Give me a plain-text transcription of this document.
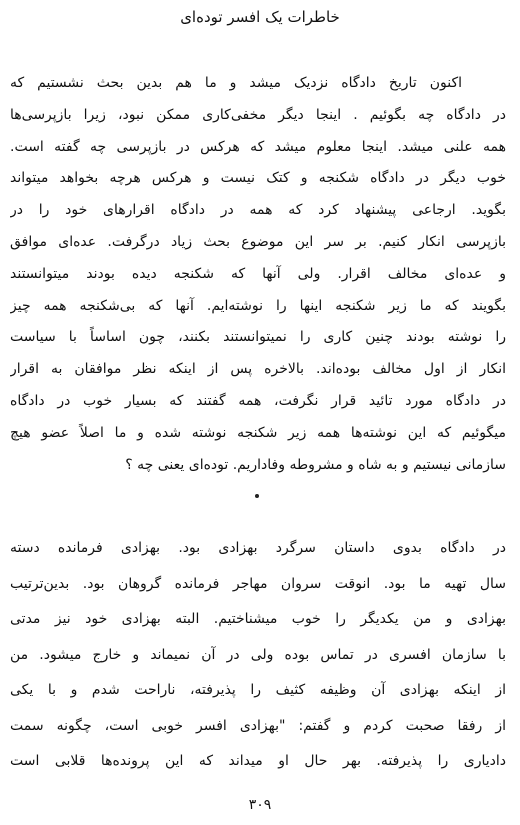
خاطرات یک افسر توده‌ای
اکنون تاریخ دادگاه نزدیک میشد و ما هم بدین بحث نشستیم که
در دادگاه چه بگوئیم . اینجا دیگر مخفی‌کاری ممکن نبود، زیرا بازپرسی‌ها
همه علنی میشد. اینجا معلوم میشد که هرکس در بازپرسی چه گفته است.
خوب دیگر در دادگاه شکنجه و کتک نیست و هرکس هرچه بخواهد میتواند
بگوید. ارجاعی پیشنهاد کرد که همه در دادگاه اقرارهای خود را در
بازپرسی انکار کنیم. بر سر این موضوع بحث زیاد درگرفت. عده‌ای موافق
و عده‌ای مخالف اقرار. ولی آنها که شکنجه دیده بودند میتوانستند
بگویند که ما زیر شکنجه اینها را نوشته‌ایم. آنها که بی‌شکنجه همه چیز
را نوشته بودند چنین کاری را نمیتوانستند بکنند، چون اساساً با سیاست
انکار از اول مخالف بوده‌اند. بالاخره پس از اینکه نظر موافقان به اقرار
در دادگاه مورد تائید قرار نگرفت، همه گفتند که بسیار خوب در دادگاه
میگوئیم که این نوشته‌ها همه زیر شکنجه نوشته شده و ما اصلاً عضو هیچ
سازمانی نیستیم و به شاه و مشروطه وفاداریم. توده‌ای یعنی چه ؟
در دادگاه بدوی داستان سرگرد بهزادی بود. بهزادی فرمانده دسته
سال تهیه ما بود. انوقت سروان مهاجر فرمانده گروهان بود. بدین‌ترتیب
بهزادی و من یکدیگر را خوب میشناختیم. البته بهزادی خود نیز مدتی
با سازمان افسری در تماس بوده ولی در آن نمیماند و خارج میشود. من
از اینکه بهزادی آن وظیفه کثیف را پذیرفته، ناراحت شدم و با یکی
از رفقا صحبت کردم و گفتم: "بهزادی افسر خوبی است، چگونه سمت
دادیاری را پذیرفته. بهر حال او میداند که این پرونده‌ها قلابی است
۳۰۹
